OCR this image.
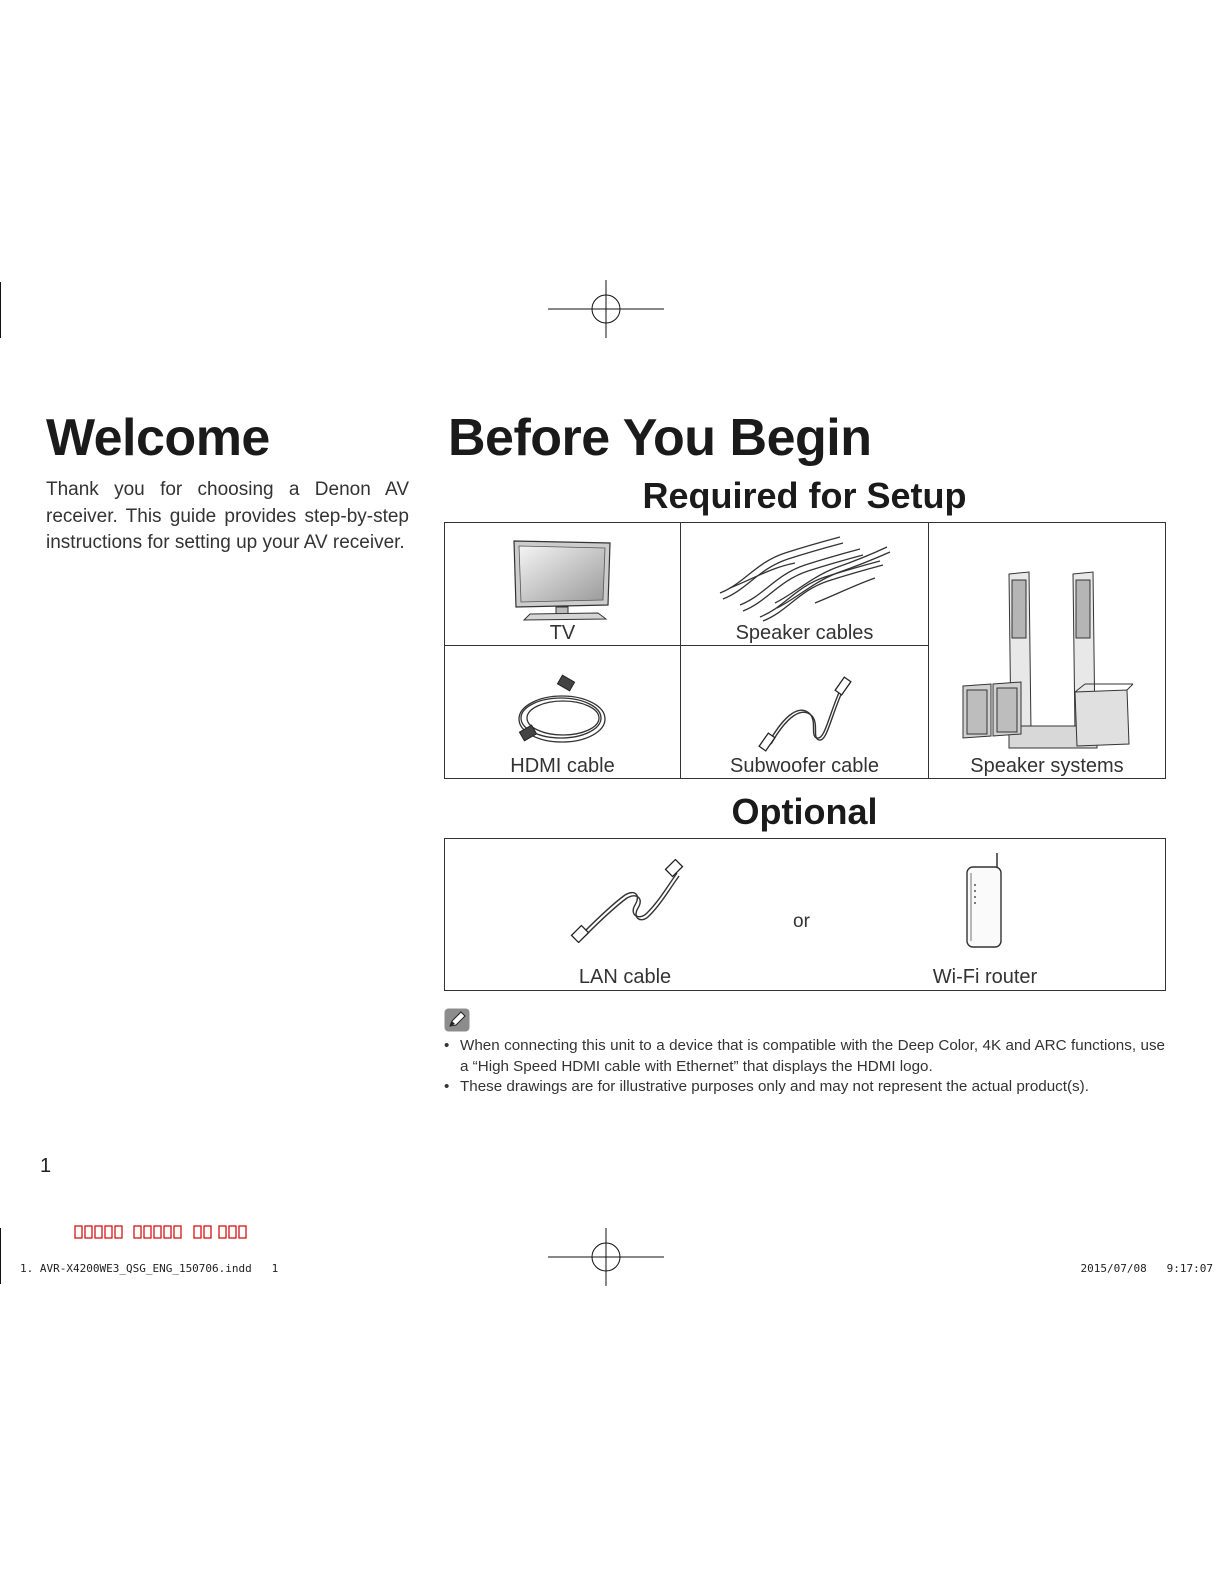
Welcome
Thank you for choosing a Denon AV receiver. This guide provides step-by-step instructions for setting up your AV receiver.
Before You Begin
Required for Setup
TV	Speaker cables	Speaker systems

HDMI cable	Subwoofer cable	
Optional
or
LAN cable	Wi-Fi router
• When connecting this unit to a device that is compatible with the Deep Color, 4K and ARC functions, use a “High Speed HDMI cable with Ethernet” that displays the HDMI logo.
• These drawings are for illustrative purposes only and may not represent the actual product(s).
1
1. AVR-X4200WE3_QSG_ENG_150706.indd   1	2015/07/08   9:17:07
